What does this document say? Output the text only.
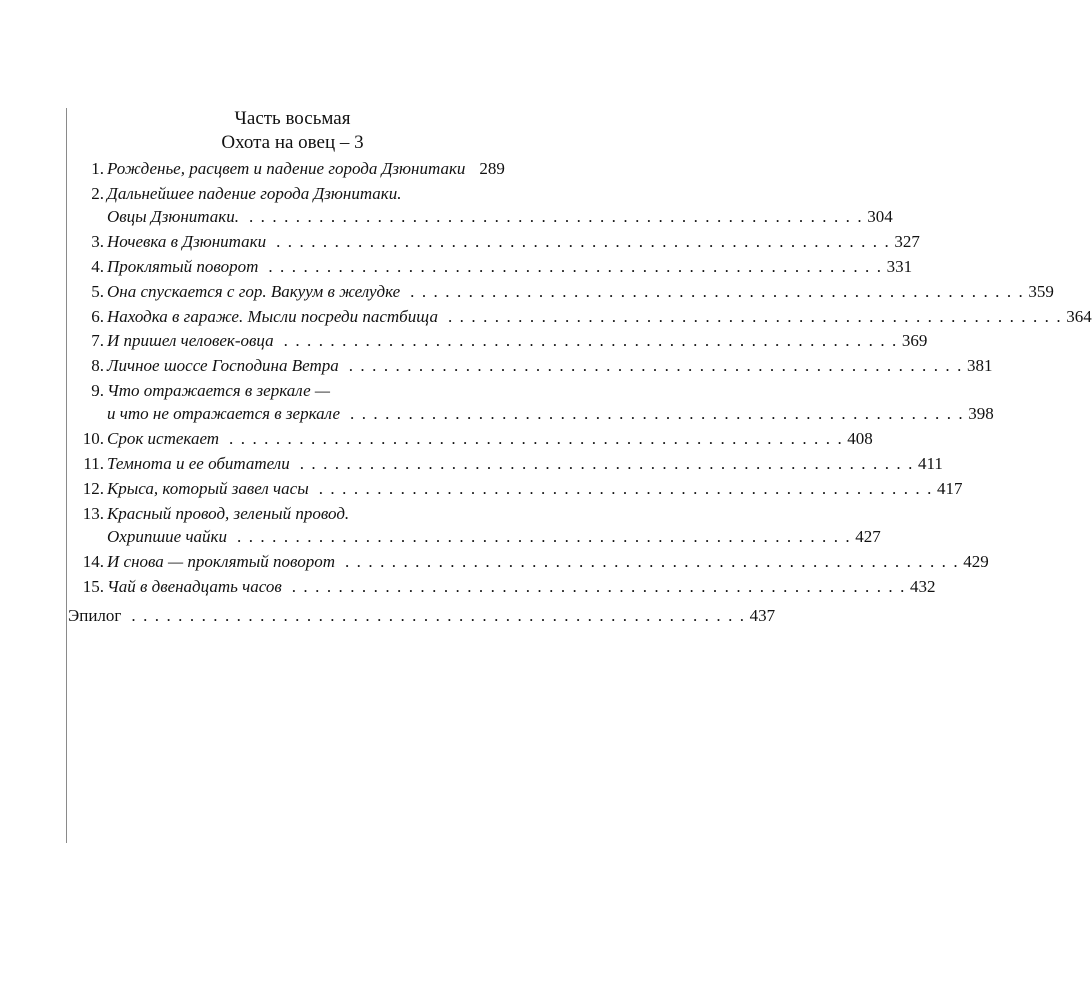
Часть восьмая
Охота на овец – 3
1. Рожденье, расцвет и падение города Дзюнитаки 289
2. Дальнейшее падение города Дзюнитаки.
Овцы Дзюнитаки. . . . . . . . . . . . . . . . . . . . . . . . . . . . . . . . . . . . . . . . . . . . . . . . . . . . . . 304
3. Ночевка в Дзюнитаки . . . . . . . . . . . . . . . . . . . . . . . . . . . . . . . . . . . . . . . . . . . . . . . . . . . . . 327
4. Проклятый поворот . . . . . . . . . . . . . . . . . . . . . . . . . . . . . . . . . . . . . . . . . . . . . . . . . . . . . 331
5. Она спускается с гор. Вакуум в желудке . . . . . . . . . . . . . . . . . . . . . . . . . . . . . . . . . . . . . . . . . . . . . . . . . . . . . 359
6. Находка в гараже. Мысли посреди пастбища . . . . . . . . . . . . . . . . . . . . . . . . . . . . . . . . . . . . . . . . . . . . . . . . . . . . . 364
7. И пришел человек-овца . . . . . . . . . . . . . . . . . . . . . . . . . . . . . . . . . . . . . . . . . . . . . . . . . . . . . 369
8. Личное шоссе Господина Ветра . . . . . . . . . . . . . . . . . . . . . . . . . . . . . . . . . . . . . . . . . . . . . . . . . . . . . 381
9. Что отражается в зеркале —
и что не отражается в зеркале . . . . . . . . . . . . . . . . . . . . . . . . . . . . . . . . . . . . . . . . . . . . . . . . . . . . . 398
10. Срок истекает . . . . . . . . . . . . . . . . . . . . . . . . . . . . . . . . . . . . . . . . . . . . . . . . . . . . . 408
11. Темнота и ее обитатели . . . . . . . . . . . . . . . . . . . . . . . . . . . . . . . . . . . . . . . . . . . . . . . . . . . . . 411
12. Крыса, который завел часы . . . . . . . . . . . . . . . . . . . . . . . . . . . . . . . . . . . . . . . . . . . . . . . . . . . . . 417
13. Красный провод, зеленый провод.
Охрипшие чайки . . . . . . . . . . . . . . . . . . . . . . . . . . . . . . . . . . . . . . . . . . . . . . . . . . . . . 427
14. И снова — проклятый поворот . . . . . . . . . . . . . . . . . . . . . . . . . . . . . . . . . . . . . . . . . . . . . . . . . . . . . 429
15. Чай в двенадцать часов . . . . . . . . . . . . . . . . . . . . . . . . . . . . . . . . . . . . . . . . . . . . . . . . . . . . . 432
Эпилог . . . . . . . . . . . . . . . . . . . . . . . . . . . . . . . . . . . . . . . . . . . . . . . . . . . . . 437
